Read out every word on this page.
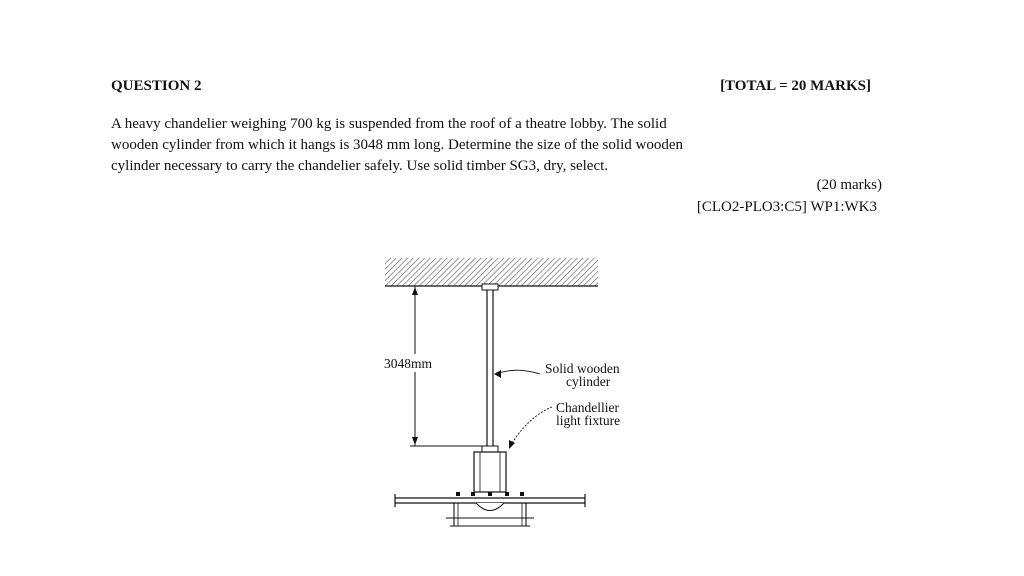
QUESTION 2	[TOTAL = 20 MARKS]
A heavy chandelier weighing 700 kg is suspended from the roof of a theatre lobby. The solid
wooden cylinder from which it hangs is 3048 mm long. Determine the size of the solid wooden
cylinder necessary to carry the chandelier safely. Use solid timber SG3, dry, select.
(20 marks)
[CLO2-PLO3:C5] WP1:WK3
3048mm	Solid wooden cylinder
Chandellier light fixture
